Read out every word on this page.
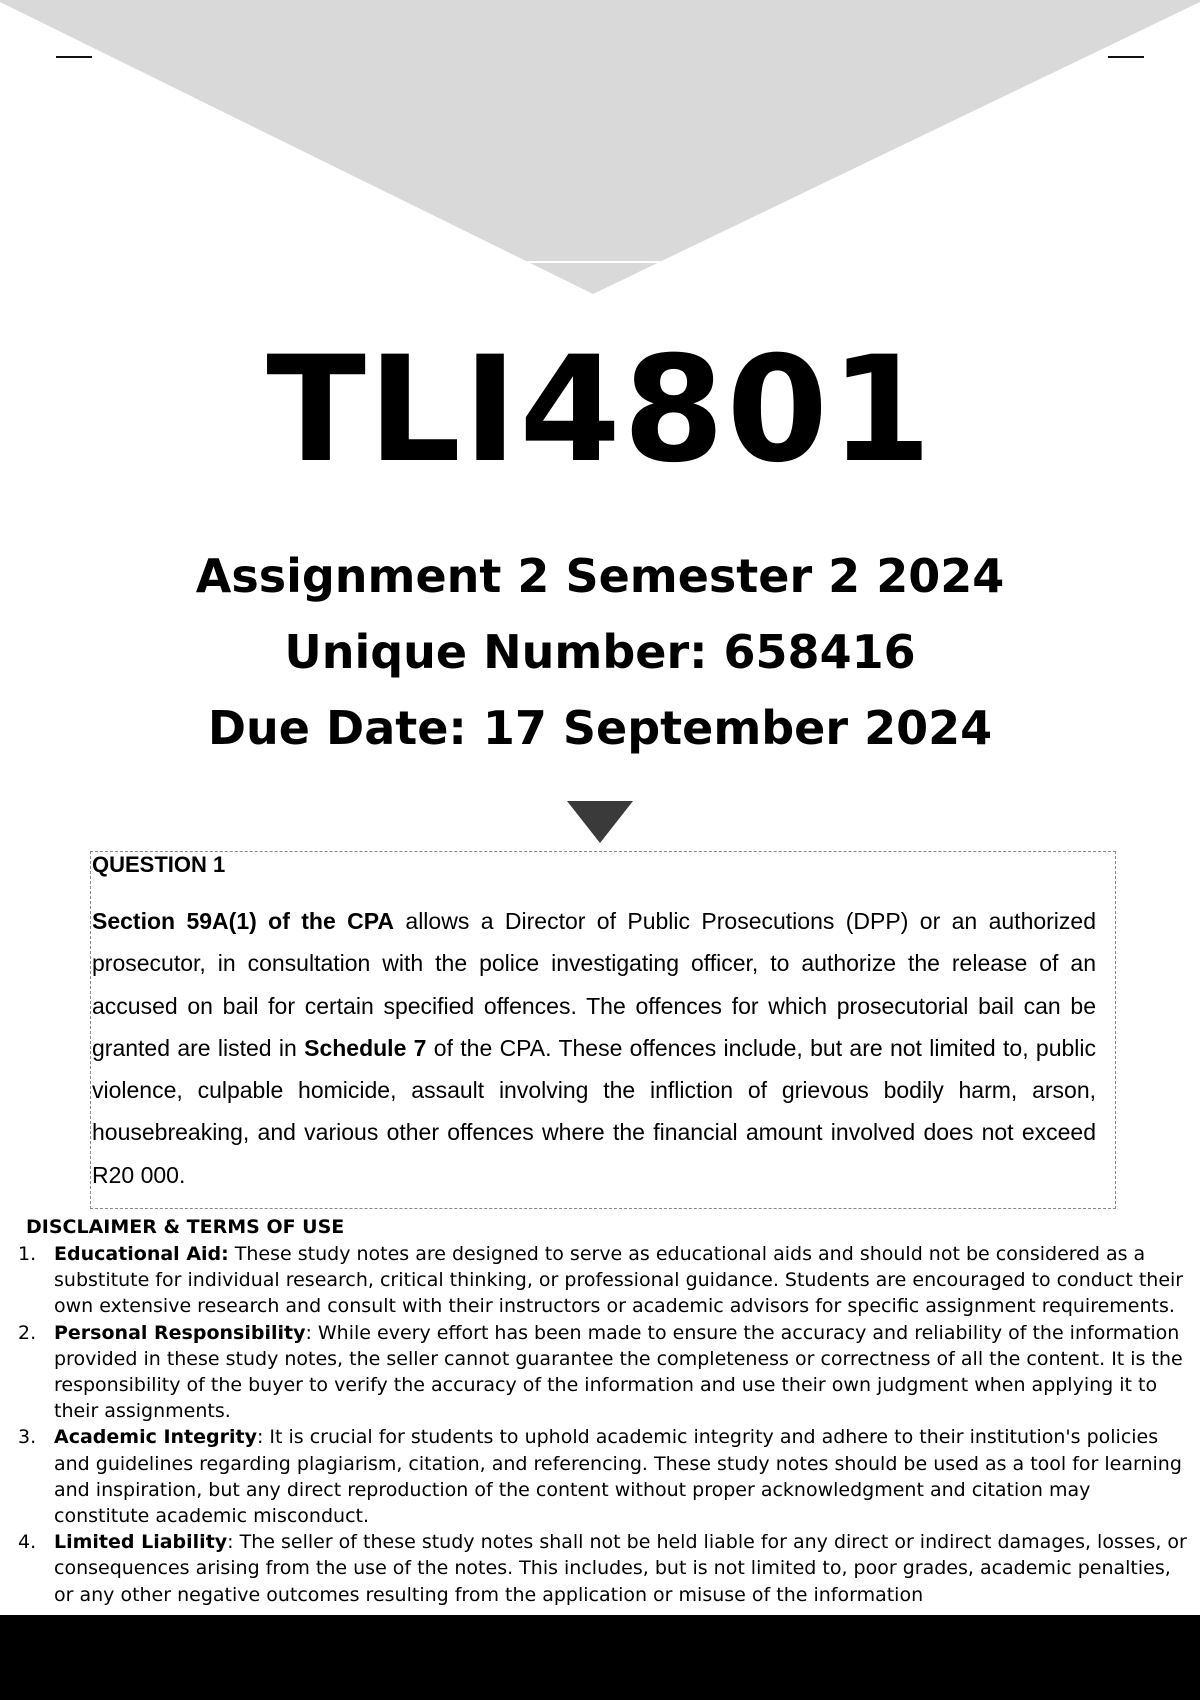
TLI4801
Assignment 2 Semester 2 2024
Unique Number: 658416
Due Date: 17 September 2024
QUESTION 1
Section 59A(1) of the CPA allows a Director of Public Prosecutions (DPP) or an authorized prosecutor, in consultation with the police investigating officer, to authorize the release of an accused on bail for certain specified offences. The offences for which prosecutorial bail can be granted are listed in Schedule 7 of the CPA. These offences include, but are not limited to, public violence, culpable homicide, assault involving the infliction of grievous bodily harm, arson, housebreaking, and various other offences where the financial amount involved does not exceed R20 000.
DISCLAIMER & TERMS OF USE
1. Educational Aid: These study notes are designed to serve as educational aids and should not be considered as a substitute for individual research, critical thinking, or professional guidance. Students are encouraged to conduct their own extensive research and consult with their instructors or academic advisors for specific assignment requirements.
2. Personal Responsibility: While every effort has been made to ensure the accuracy and reliability of the information provided in these study notes, the seller cannot guarantee the completeness or correctness of all the content. It is the responsibility of the buyer to verify the accuracy of the information and use their own judgment when applying it to their assignments.
3. Academic Integrity: It is crucial for students to uphold academic integrity and adhere to their institution's policies and guidelines regarding plagiarism, citation, and referencing. These study notes should be used as a tool for learning and inspiration, but any direct reproduction of the content without proper acknowledgment and citation may constitute academic misconduct.
4. Limited Liability: The seller of these study notes shall not be held liable for any direct or indirect damages, losses, or consequences arising from the use of the notes. This includes, but is not limited to, poor grades, academic penalties, or any other negative outcomes resulting from the application or misuse of the information
